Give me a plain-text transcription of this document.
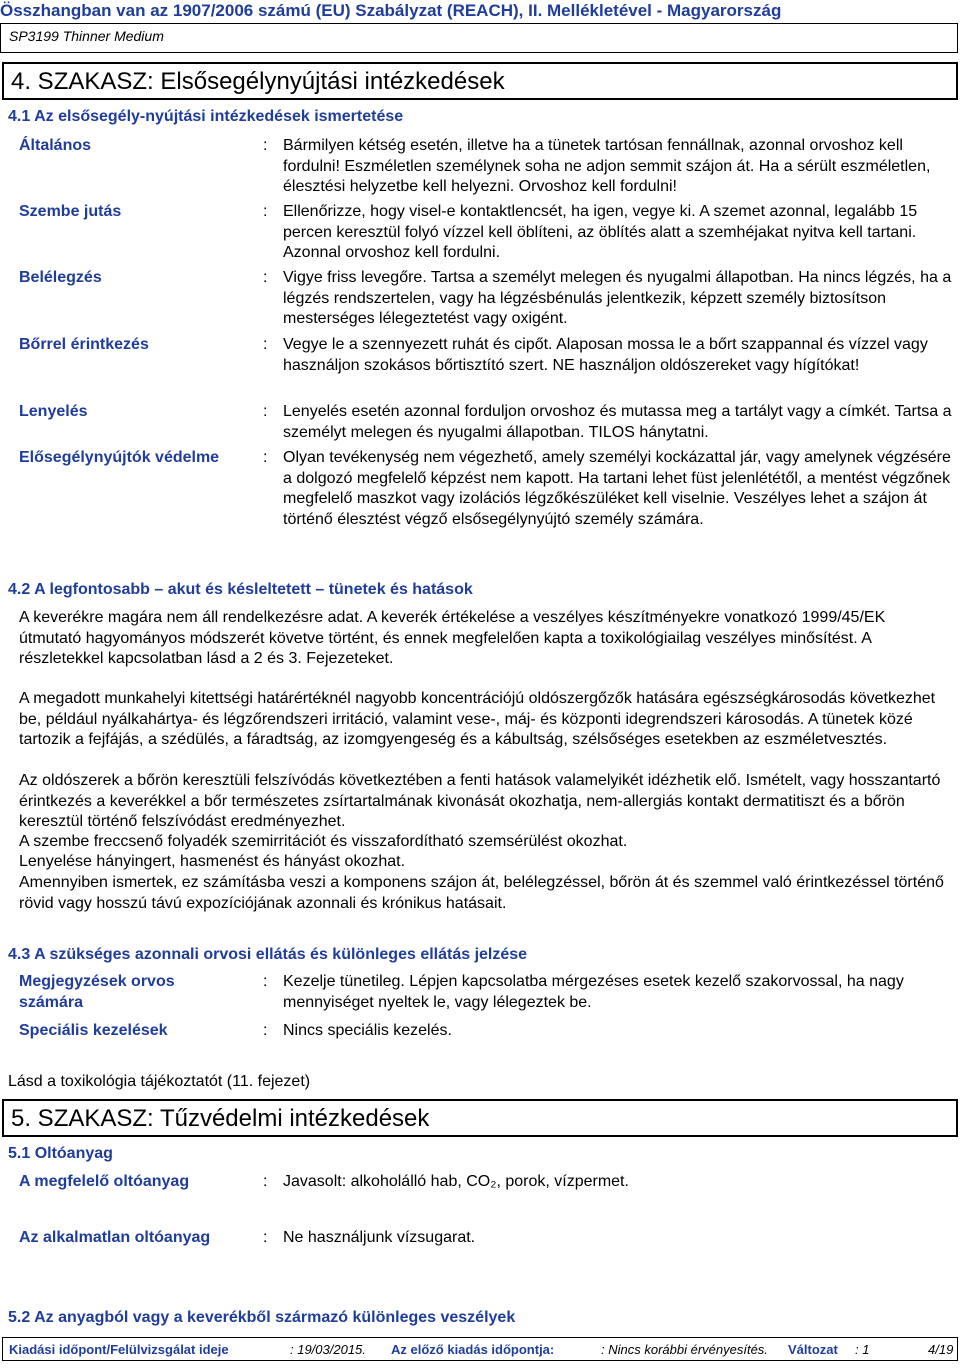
Összhangban van az 1907/2006 számú (EU) Szabályzat (REACH), II. Mellékletével - Magyarország
SP3199 Thinner Medium
4. SZAKASZ: Elsősegélynyújtási intézkedések
4.1 Az elsősegély-nyújtási intézkedések ismertetése
Általános	: Bármilyen kétség esetén, illetve ha a tünetek tartósan fennállnak, azonnal orvoshoz kell fordulni! Eszméletlen személynek soha ne adjon semmit szájon át. Ha a sérült eszméletlen, élesztési helyzetbe kell helyezni. Orvoshoz kell fordulni!
Szembe jutás	: Ellenőrizze, hogy visel-e kontaktlencsét, ha igen, vegye ki. A szemet azonnal, legalább 15 percen keresztül folyó vízzel kell öblíteni, az öblítés alatt a szemhéjakat nyitva kell tartani. Azonnal orvoshoz kell fordulni.
Belélegzés	: Vigye friss levegőre. Tartsa a személyt melegen és nyugalmi állapotban. Ha nincs légzés, ha a légzés rendszertelen, vagy ha légzésbénulás jelentkezik, képzett személy biztosítson mesterséges lélegeztetést vagy oxigént.
Bőrrel érintkezés	: Vegye le a szennyezett ruhát és cipőt. Alaposan mossa le a bőrt szappannal és vízzel vagy használjon szokásos bőrtisztító szert. NE használjon oldószereket vagy hígítókat!
Lenyelés	: Lenyelés esetén azonnal forduljon orvoshoz és mutassa meg a tartályt vagy a címkét. Tartsa a személyt melegen és nyugalmi állapotban. TILOS hánytatni.
Elősegélynyújtók védelme	: Olyan tevékenység nem végezhető, amely személyi kockázattal jár, vagy amelynek végzésére a dolgozó megfelelő képzést nem kapott. Ha tartani lehet füst jelenlététől, a mentést végzőnek megfelelő maszkot vagy izolációs légzőkészüléket kell viselnie. Veszélyes lehet a szájon át történő élesztést végző elsősegélynyújtó személy számára.
4.2 A legfontosabb – akut és késleltetett – tünetek és hatások
A keverékre magára nem áll rendelkezésre adat. A keverék értékelése a veszélyes készítményekre vonatkozó 1999/45/EK útmutató hagyományos módszerét követve történt, és ennek megfelelően kapta a toxikológiailag veszélyes minősítést. A részletekkel kapcsolatban lásd a 2 és 3. Fejezeteket.
A megadott munkahelyi kitettségi határértéknél nagyobb koncentrációjú oldószergőzők hatására egészségkárosodás következhet be, például nyálkahártya- és légzőrendszeri irritáció, valamint vese-, máj- és központi idegrendszeri károsodás. A tünetek közé tartozik a fejfájás, a szédülés, a fáradtság, az izomgyengeség és a kábultság, szélsőséges esetekben az eszméletvesztés.
Az oldószerek a bőrön keresztüli felszívódás következtében a fenti hatások valamelyikét idézhetik elő. Ismételt, vagy hosszantartó érintkezés a keverékkel a bőr természetes zsírtartalmának kivonását okozhatja, nem-allergiás kontakt dermatitiszt és a bőrön keresztül történő felszívódást eredményezhet.
A szembe freccsenő folyadék szemirritációt és visszafordítható szemsérülést okozhat.
Lenyelése hányingert, hasmenést és hányást okozhat.
Amennyiben ismertek, ez számításba veszi a komponens szájon át, belélegzéssel, bőrön át és szemmel való érintkezéssel történő rövid vagy hosszú távú expozíciójának azonnali és krónikus hatásait.
4.3 A szükséges azonnali orvosi ellátás és különleges ellátás jelzése
Megjegyzések orvos számára
: Kezelje tünetileg. Lépjen kapcsolatba mérgezéses esetek kezelő szakorvossal, ha nagy mennyiséget nyeltek le, vagy lélegeztek be.
Speciális kezelések	: Nincs speciális kezelés.
Lásd a toxikológia tájékoztatót (11. fejezet)
5. SZAKASZ: Tűzvédelmi intézkedések
5.1 Oltóanyag
A megfelelő oltóanyag	: Javasolt: alkoholálló hab, CO₂, porok, vízpermet.
Az alkalmatlan oltóanyag	: Ne használjunk vízsugarat.
5.2 Az anyagból vagy a keverékből származó különleges veszélyek
Kiadási időpont/Felülvizsgálat ideje	: 19/03/2015. Az előző kiadás időpontja:	: Nincs korábbi érvényesítés. Változat : 1	4/19
